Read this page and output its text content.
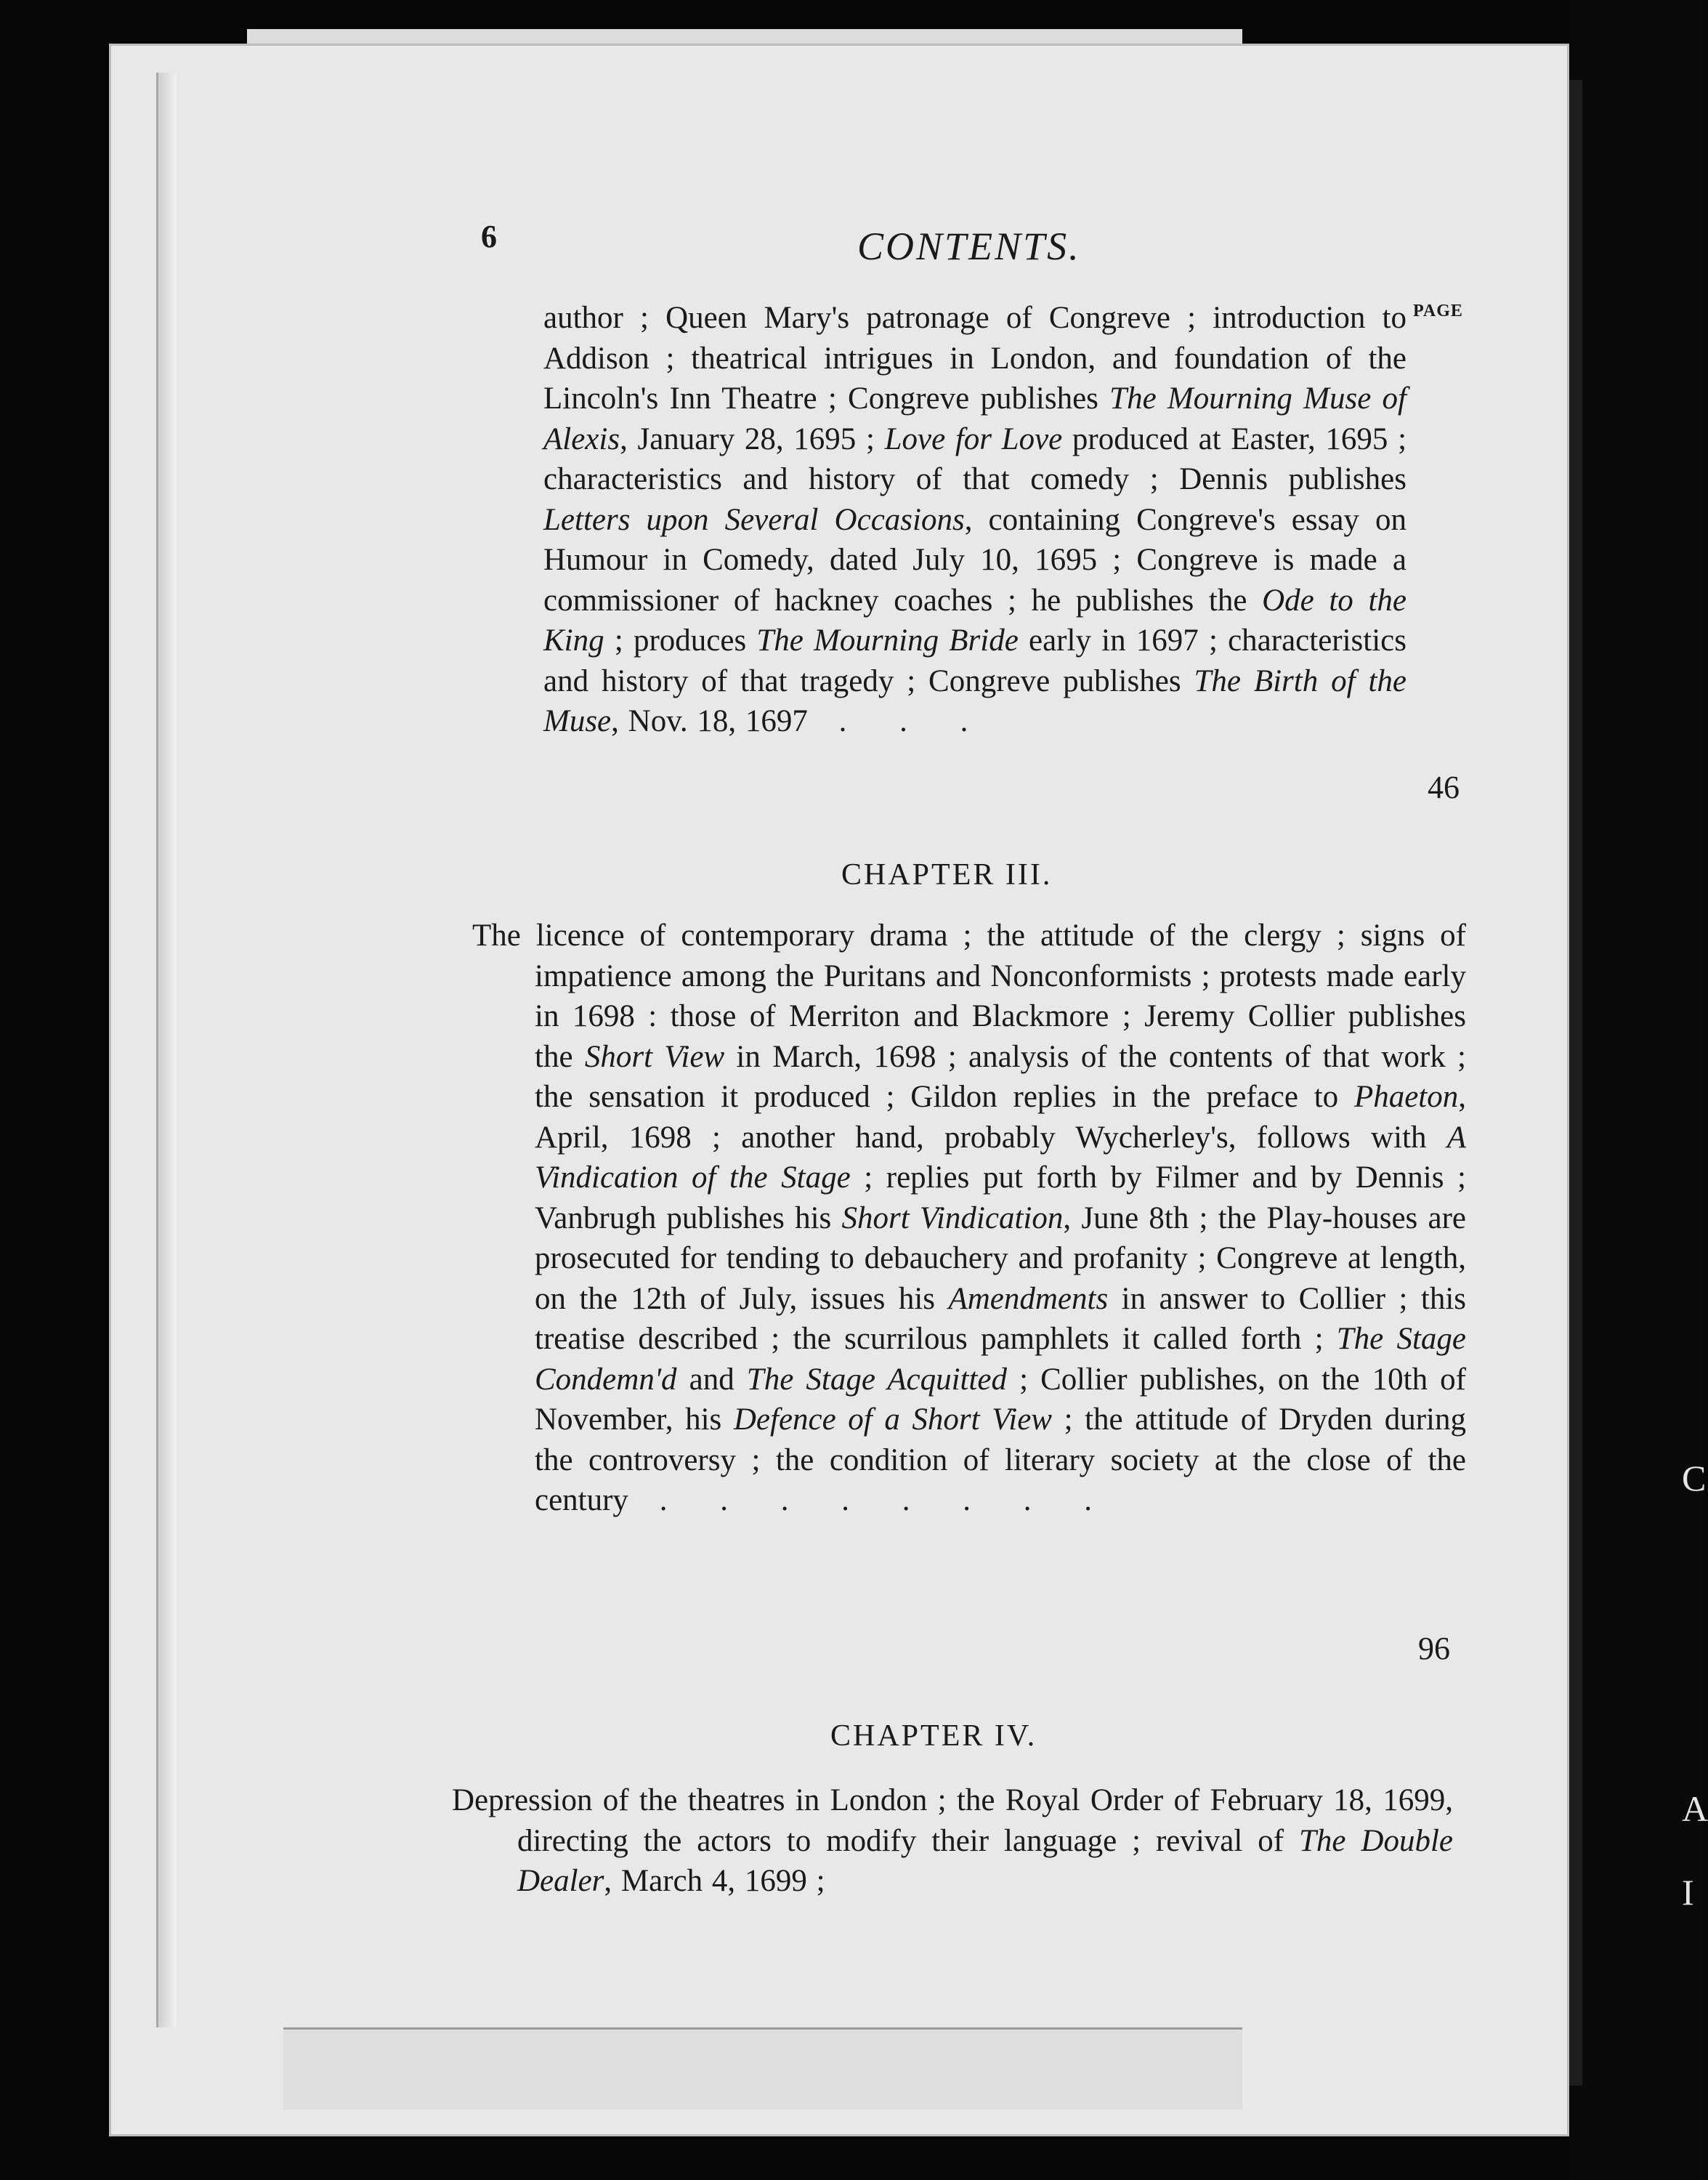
C
A
I
6	CONTENTS.
PAGE
author ; Queen Mary's patronage of Congreve ; introduction to Addison ; theatrical intrigues in London, and foundation of the Lincoln's Inn Theatre ; Congreve publishes The Mourning Muse of Alexis, January 28, 1695 ; Love for Love produced at Easter, 1695 ; characteristics and history of that comedy ; Dennis publishes Letters upon Several Occasions, containing Congreve's essay on Humour in Comedy, dated July 10, 1695 ; Congreve is made a commissioner of hackney coaches ; he publishes the Ode to the King ; produces The Mourning Bride early in 1697 ; characteristics and history of that tragedy ; Congreve publishes The Birth of the Muse, Nov. 18, 1697 . . .
46
CHAPTER III.
The licence of contemporary drama ; the attitude of the clergy ; signs of impatience among the Puritans and Nonconformists ; protests made early in 1698 : those of Merriton and Blackmore ; Jeremy Collier publishes the Short View in March, 1698 ; analysis of the contents of that work ; the sensation it produced ; Gildon replies in the preface to Phaeton, April, 1698 ; another hand, probably Wycherley's, follows with A Vindication of the Stage ; replies put forth by Filmer and by Dennis ; Vanbrugh publishes his Short Vindication, June 8th ; the Play-houses are prosecuted for tending to debauchery and profanity ; Congreve at length, on the 12th of July, issues his Amendments in answer to Collier ; this treatise described ; the scurrilous pamphlets it called forth ; The Stage Condemn'd and The Stage Acquitted ; Collier publishes, on the 10th of November, his Defence of a Short View ; the attitude of Dryden during the controversy ; the condition of literary society at the close of the century . . . . . . . .
96
CHAPTER IV.
Depression of the theatres in London ; the Royal Order of February 18, 1699, directing the actors to modify their language ; revival of The Double Dealer, March 4, 1699 ;
